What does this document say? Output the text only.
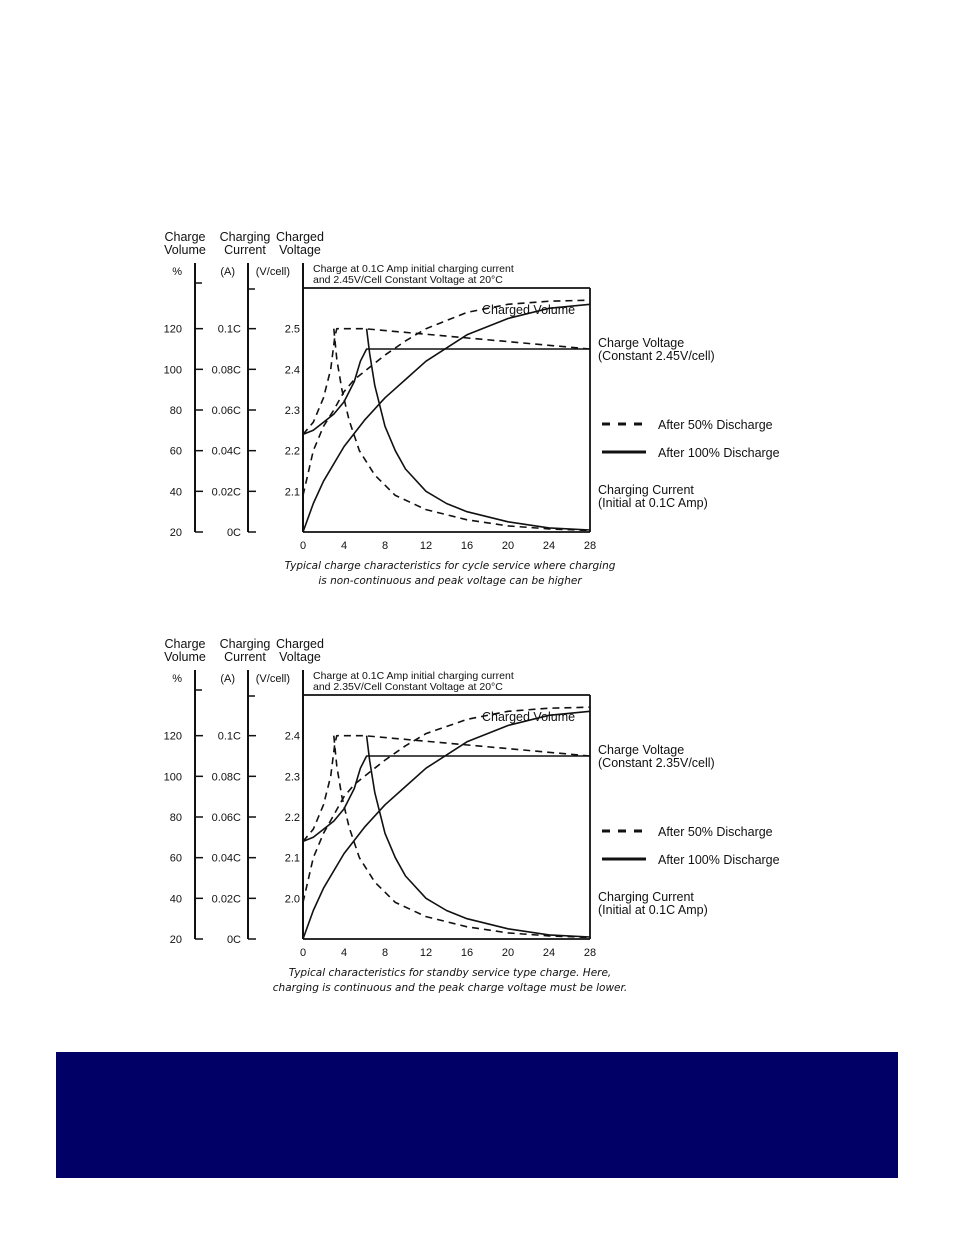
Charge
Volume
%
Charging
Current
(A)
Charged
Voltage
(V/cell)
20
40
60
80
100
120
0C
0.02C
0.04C
0.06C
0.08C
0.1C
2.1
2.2
2.3
2.4
2.5
Charge at 0.1C Amp initial charging current
and 2.45V/Cell Constant Voltage at 20°C
0	4	8	12	16	20	24	28
Charged Volume
Charge Voltage
(Constant 2.45V/cell)
Charging Current
(Initial at 0.1C Amp)
After 50% Discharge
After 100% Discharge
Typical charge characteristics for cycle service where charging
is non-continuous and peak voltage can be higher
Charge
Volume
%
Charging
Current
(A)
Charged
Voltage
(V/cell)
20
40
60
80
100
120
0C
0.02C
0.04C
0.06C
0.08C
0.1C
2.0
2.1
2.2
2.3
2.4
Charge at 0.1C Amp initial charging current
and 2.35V/Cell Constant Voltage at 20°C
0	4	8	12	16	20	24	28
Charged Volume
Charge Voltage
(Constant 2.35V/cell)
Charging Current
(Initial at 0.1C Amp)
After 50% Discharge
After 100% Discharge
Typical characteristics for standby service type charge. Here,
charging is continuous and the peak charge voltage must be lower.
